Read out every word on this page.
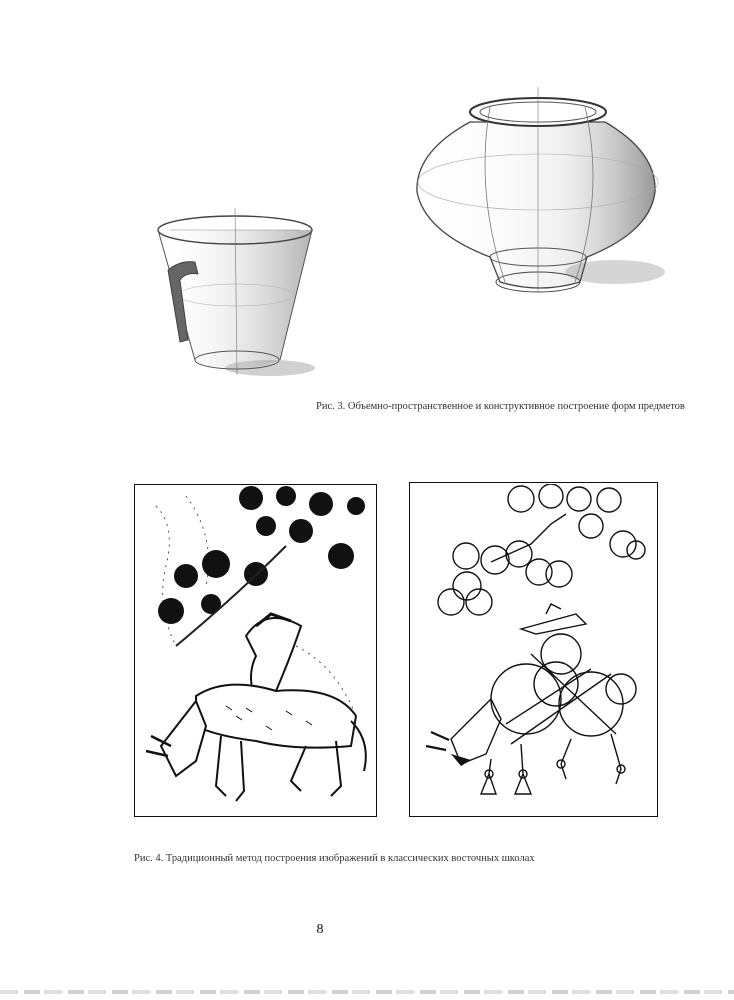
Рис. 3. Объемно-пространственное и конструктивное построение форм предметов
Рис. 4. Традиционный метод построения изображений в классических восточных школах
8
